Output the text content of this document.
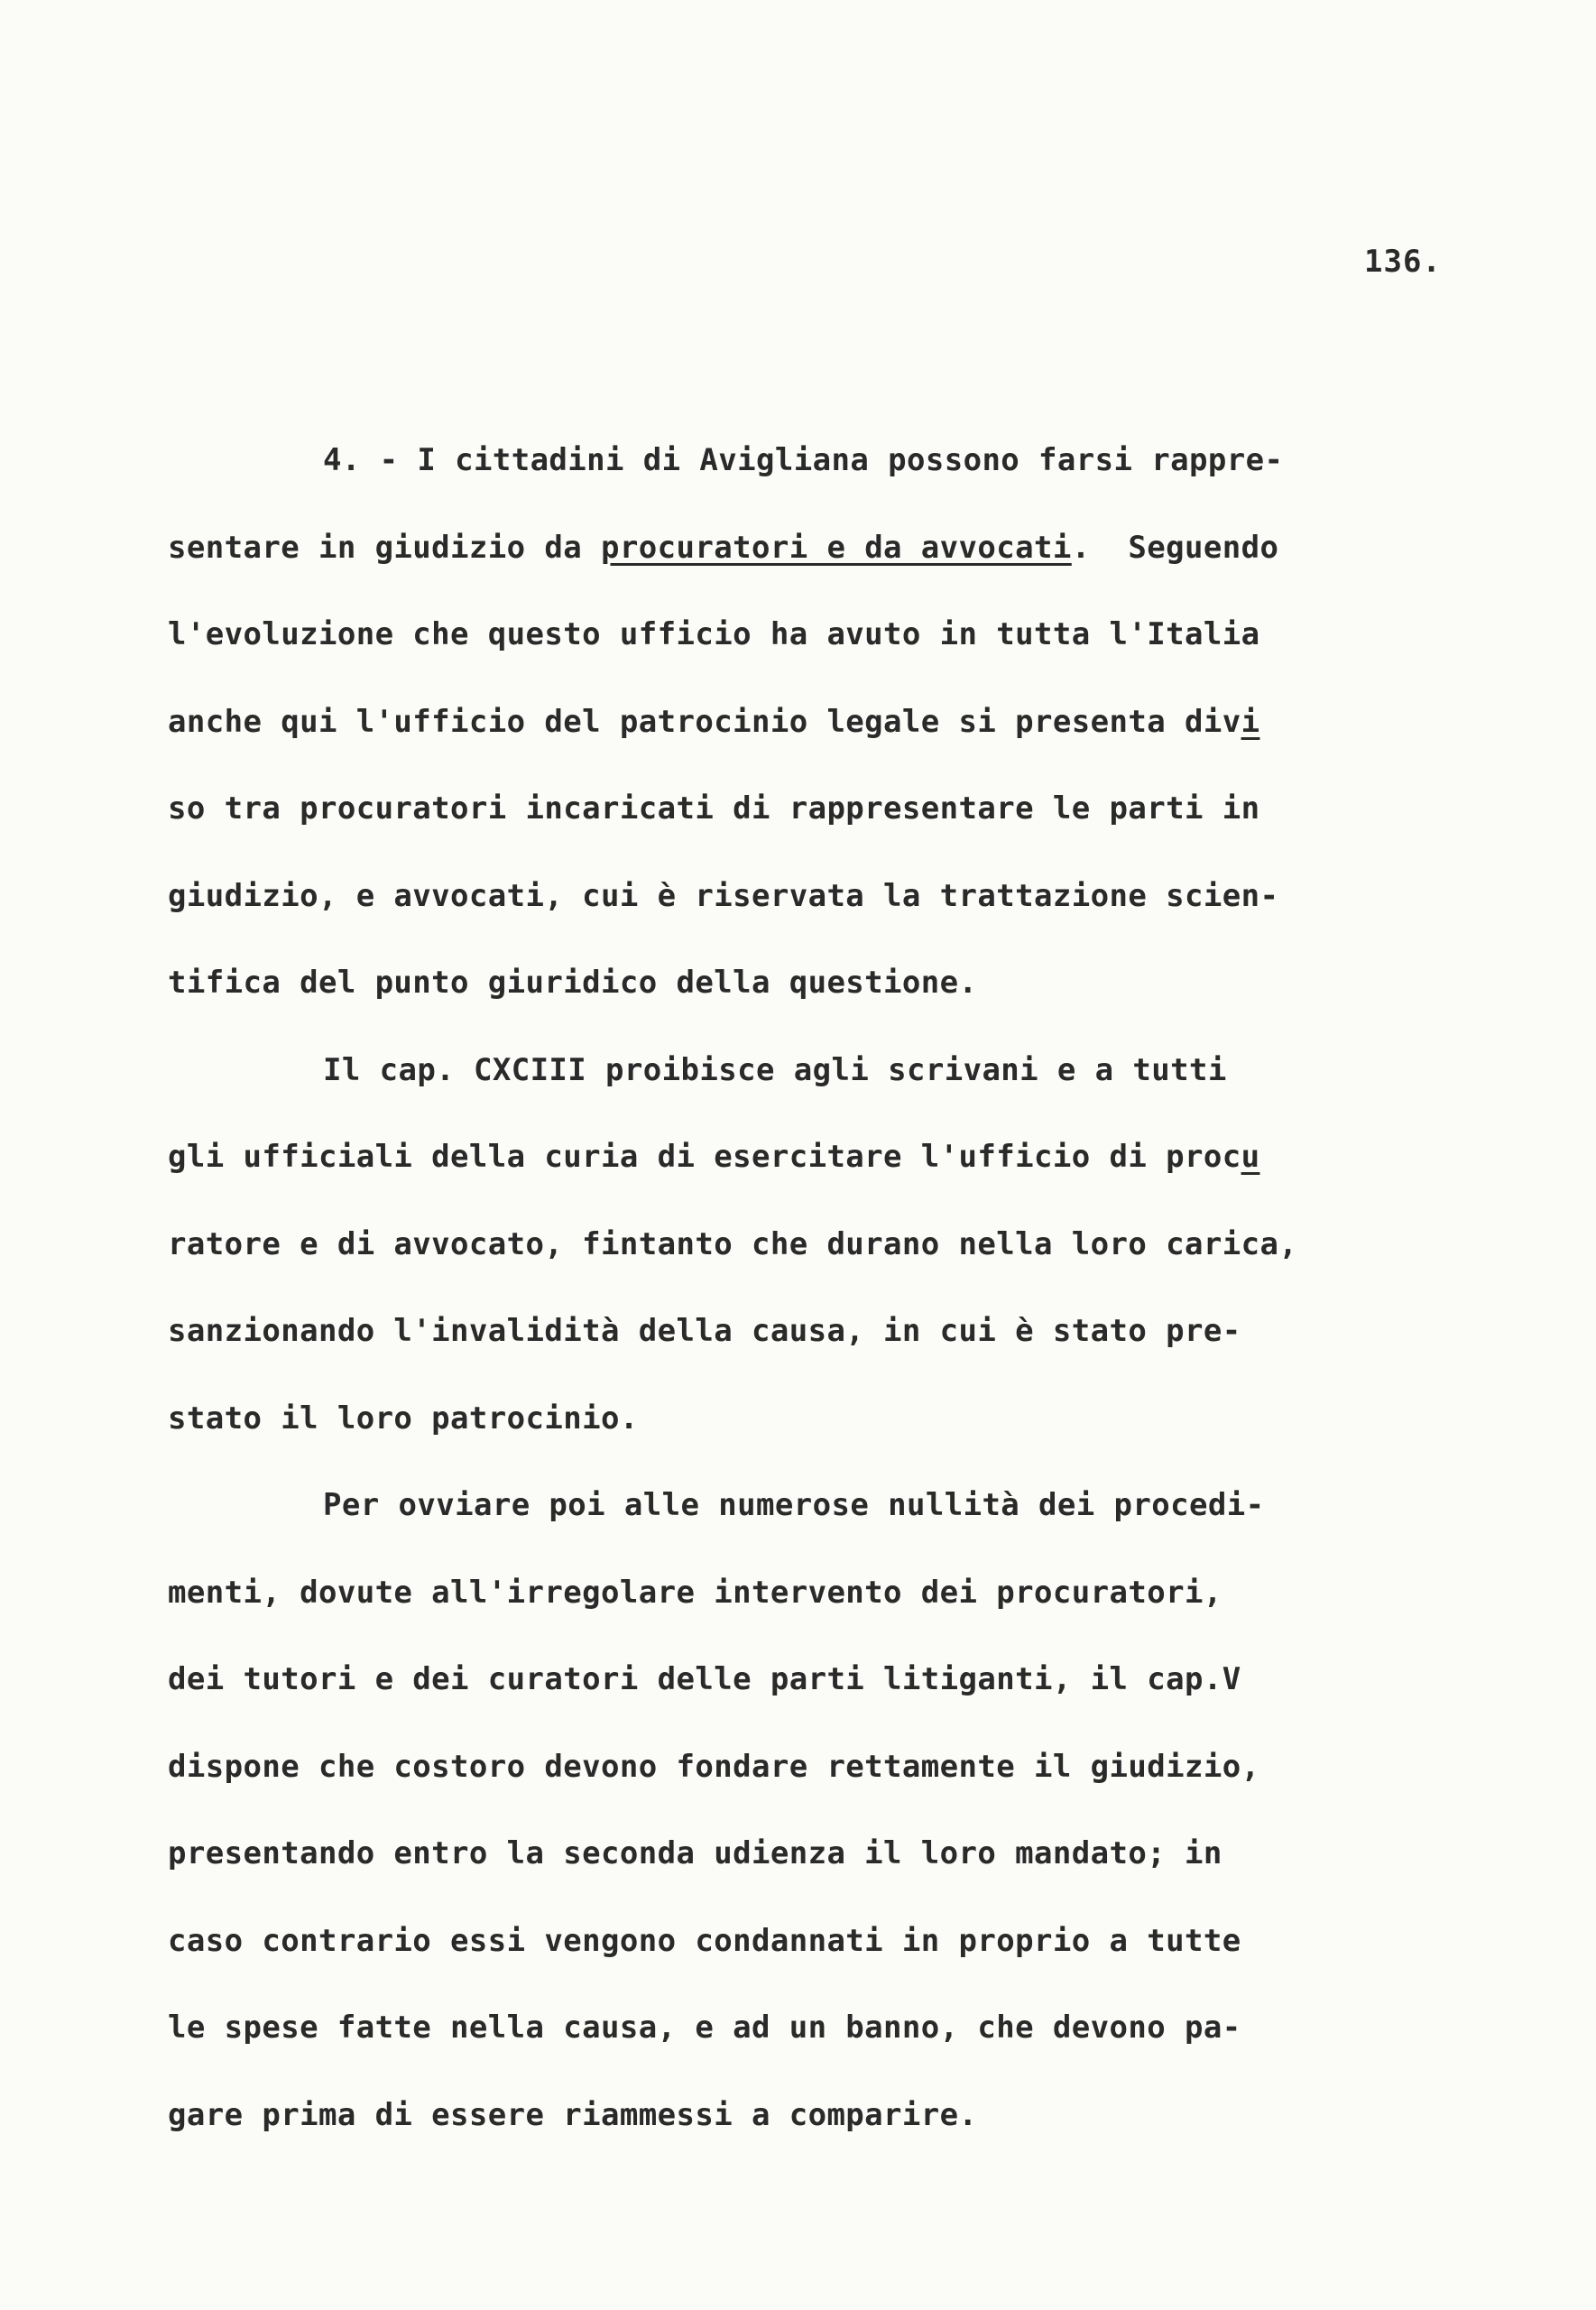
136.
4. - I cittadini di Avigliana possono farsi rappre-
sentare in giudizio da procuratori e da avvocati.  Seguendo
l'evoluzione che questo ufficio ha avuto in tutta l'Italia
anche qui l'ufficio del patrocinio legale si presenta divi
so tra procuratori incaricati di rappresentare le parti in
giudizio, e avvocati, cui è riservata la trattazione scien-
tifica del punto giuridico della questione.
Il cap. CXCIII proibisce agli scrivani e a tutti
gli ufficiali della curia di esercitare l'ufficio di procu
ratore e di avvocato, fintanto che durano nella loro carica,
sanzionando l'invalidità della causa, in cui è stato pre-
stato il loro patrocinio.
Per ovviare poi alle numerose nullità dei procedi-
menti, dovute all'irregolare intervento dei procuratori,
dei tutori e dei curatori delle parti litiganti, il cap.V
dispone che costoro devono fondare rettamente il giudizio,
presentando entro la seconda udienza il loro mandato; in
caso contrario essi vengono condannati in proprio a tutte
le spese fatte nella causa, e ad un banno, che devono pa-
gare prima di essere riammessi a comparire.
